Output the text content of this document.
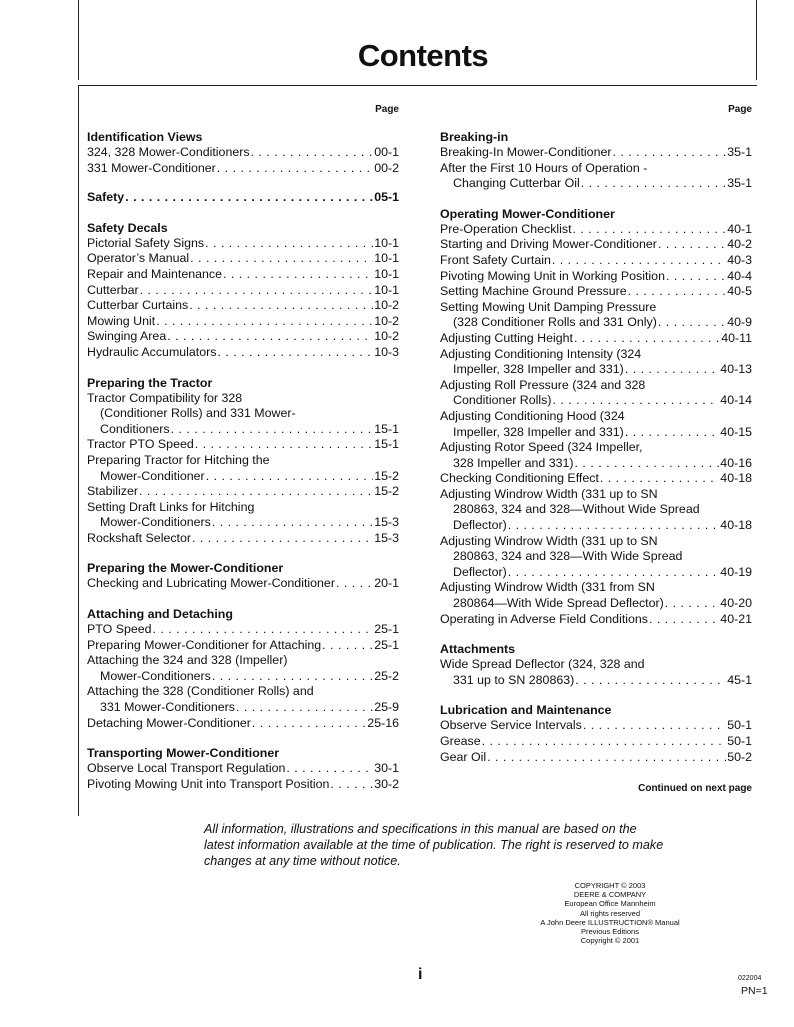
Contents
Page
Identification Views
324, 328 Mower-Conditioners . . .	00-1
331 Mower-Conditioner . . .	00-2
Safety . . .	05-1
Safety Decals
Pictorial Safety Signs . . .	10-1
Operator’s Manual . . .	10-1
Repair and Maintenance . . .	10-1
Cutterbar . . .	10-1
Cutterbar Curtains . . .	10-2
Mowing Unit . . .	10-2
Swinging Area . . .	10-2
Hydraulic Accumulators . . .	10-3
Preparing the Tractor
Tractor Compatibility for 328
(Conditioner Rolls) and 331 Mower-
Conditioners . . .	15-1
Tractor PTO Speed . . .	15-1
Preparing Tractor for Hitching the
Mower-Conditioner . . .	15-2
Stabilizer . . .	15-2
Setting Draft Links for Hitching
Mower-Conditioners . . .	15-3
Rockshaft Selector . . .	15-3
Preparing the Mower-Conditioner
Checking and Lubricating Mower-Conditioner . . .	20-1
Attaching and Detaching
PTO Speed . . .	25-1
Preparing Mower-Conditioner for Attaching . . .	25-1
Attaching the 324 and 328 (Impeller)
Mower-Conditioners . . .	25-2
Attaching the 328 (Conditioner Rolls) and
331 Mower-Conditioners . . .	25-9
Detaching Mower-Conditioner . . .	25-16
Transporting Mower-Conditioner
Observe Local Transport Regulation . . .	30-1
Pivoting Mowing Unit into Transport Position . . .	30-2
Page
Breaking-in
Breaking-In Mower-Conditioner . . .	35-1
After the First 10 Hours of Operation -
Changing Cutterbar Oil . . .	35-1
Operating Mower-Conditioner
Pre-Operation Checklist . . .	40-1
Starting and Driving Mower-Conditioner . . .	40-2
Front Safety Curtain . . .	40-3
Pivoting Mowing Unit in Working Position . . .	40-4
Setting Machine Ground Pressure . . .	40-5
Setting Mowing Unit Damping Pressure
(328 Conditioner Rolls and 331 Only) . . .	40-9
Adjusting Cutting Height . . .	40-11
Adjusting Conditioning Intensity (324
Impeller, 328 Impeller and 331) . . .	40-13
Adjusting Roll Pressure (324 and 328
Conditioner Rolls) . . .	40-14
Adjusting Conditioning Hood (324
Impeller, 328 Impeller and 331) . . .	40-15
Adjusting Rotor Speed (324 Impeller,
328 Impeller and 331) . . .	40-16
Checking Conditioning Effect . . .	40-18
Adjusting Windrow Width (331 up to SN
280863, 324 and 328—Without Wide Spread
Deflector) . . .	40-18
Adjusting Windrow Width (331 up to SN
280863, 324 and 328—With Wide Spread
Deflector) . . .	40-19
Adjusting Windrow Width (331 from SN
280864—With Wide Spread Deflector) . . .	40-20
Operating in Adverse Field Conditions . . .	40-21
Attachments
Wide Spread Deflector (324, 328 and
331 up to SN 280863) . . .	45-1
Lubrication and Maintenance
Observe Service Intervals . . .	50-1
Grease . . .	50-1
Gear Oil . . .	50-2
Continued on next page
All information, illustrations and specifications in this manual are based on the latest information available at the time of publication. The right is reserved to make changes at any time without notice.
COPYRIGHT © 2003
DEERE & COMPANY
European Office Mannheim
All rights reserved
A John Deere ILLUSTRUCTION® Manual
Previous Editions
Copyright © 2001
i	022004
PN=1
